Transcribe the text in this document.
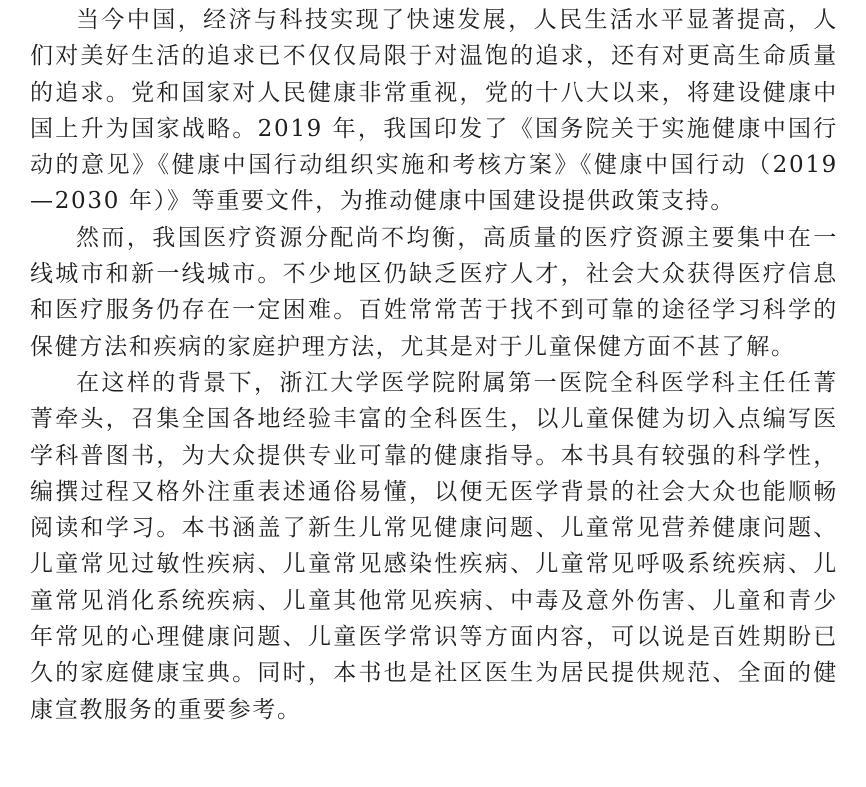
当今中国，经济与科技实现了快速发展，人民生活水平显著提高，人们对美好生活的追求已不仅仅局限于对温饱的追求，还有对更高生命质量的追求。党和国家对人民健康非常重视，党的十八大以来，将建设健康中国上升为国家战略。2019 年，我国印发了《国务院关于实施健康中国行动的意见》《健康中国行动组织实施和考核方案》《健康中国行动（2019—2030 年）》等重要文件，为推动健康中国建设提供政策支持。

然而，我国医疗资源分配尚不均衡，高质量的医疗资源主要集中在一线城市和新一线城市。不少地区仍缺乏医疗人才，社会大众获得医疗信息和医疗服务仍存在一定困难。百姓常常苦于找不到可靠的途径学习科学的保健方法和疾病的家庭护理方法，尤其是对于儿童保健方面不甚了解。

在这样的背景下，浙江大学医学院附属第一医院全科医学科主任任菁菁牵头，召集全国各地经验丰富的全科医生，以儿童保健为切入点编写医学科普图书，为大众提供专业可靠的健康指导。本书具有较强的科学性，编撰过程又格外注重表述通俗易懂，以便无医学背景的社会大众也能顺畅阅读和学习。本书涵盖了新生儿常见健康问题、儿童常见营养健康问题、儿童常见过敏性疾病、儿童常见感染性疾病、儿童常见呼吸系统疾病、儿童常见消化系统疾病、儿童其他常见疾病、中毒及意外伤害、儿童和青少年常见的心理健康问题、儿童医学常识等方面内容，可以说是百姓期盼已久的家庭健康宝典。同时，本书也是社区医生为居民提供规范、全面的健康宣教服务的重要参考。
